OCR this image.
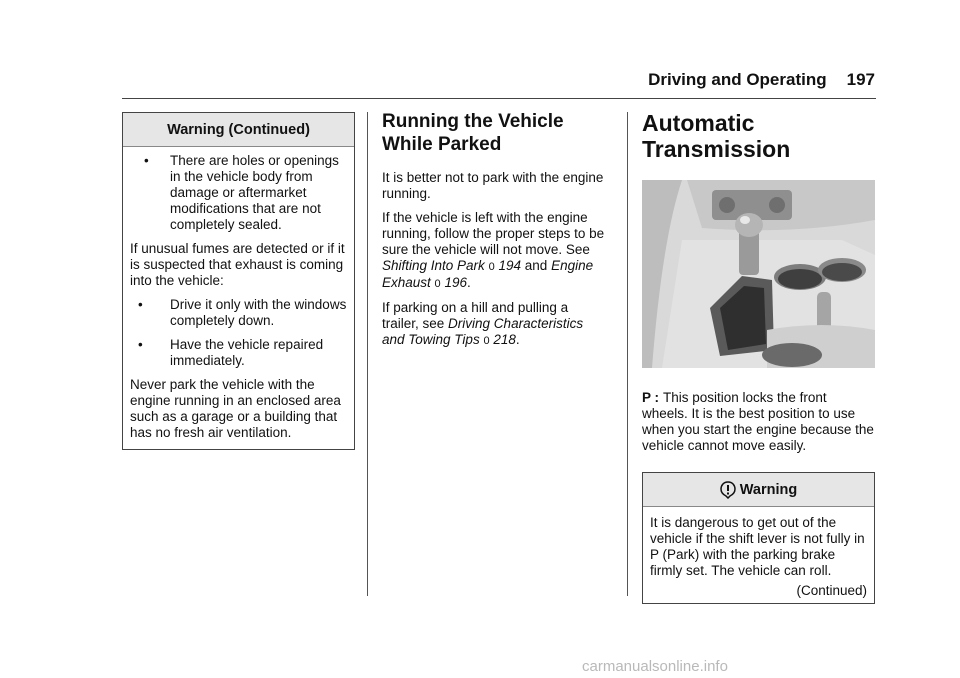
Driving and Operating 197
Warning (Continued)
• There are holes or openings in the vehicle body from damage or aftermarket modifications that are not completely sealed.
If unusual fumes are detected or if it is suspected that exhaust is coming into the vehicle:
• Drive it only with the windows completely down.
• Have the vehicle repaired immediately.
Never park the vehicle with the engine running in an enclosed area such as a garage or a building that has no fresh air ventilation.
Running the Vehicle While Parked

It is better not to park with the engine running.

If the vehicle is left with the engine running, follow the proper steps to be sure the vehicle will not move. See Shifting Into Park 0 194 and Engine Exhaust 0 196.

If parking on a hill and pulling a trailer, see Driving Characteristics and Towing Tips 0 218.

Automatic Transmission
P : This position locks the front wheels. It is the best position to use when you start the engine because the vehicle cannot move easily.
Warning
It is dangerous to get out of the vehicle if the shift lever is not fully in P (Park) with the parking brake firmly set. The vehicle can roll.
(Continued)
carmanualsonline.info
